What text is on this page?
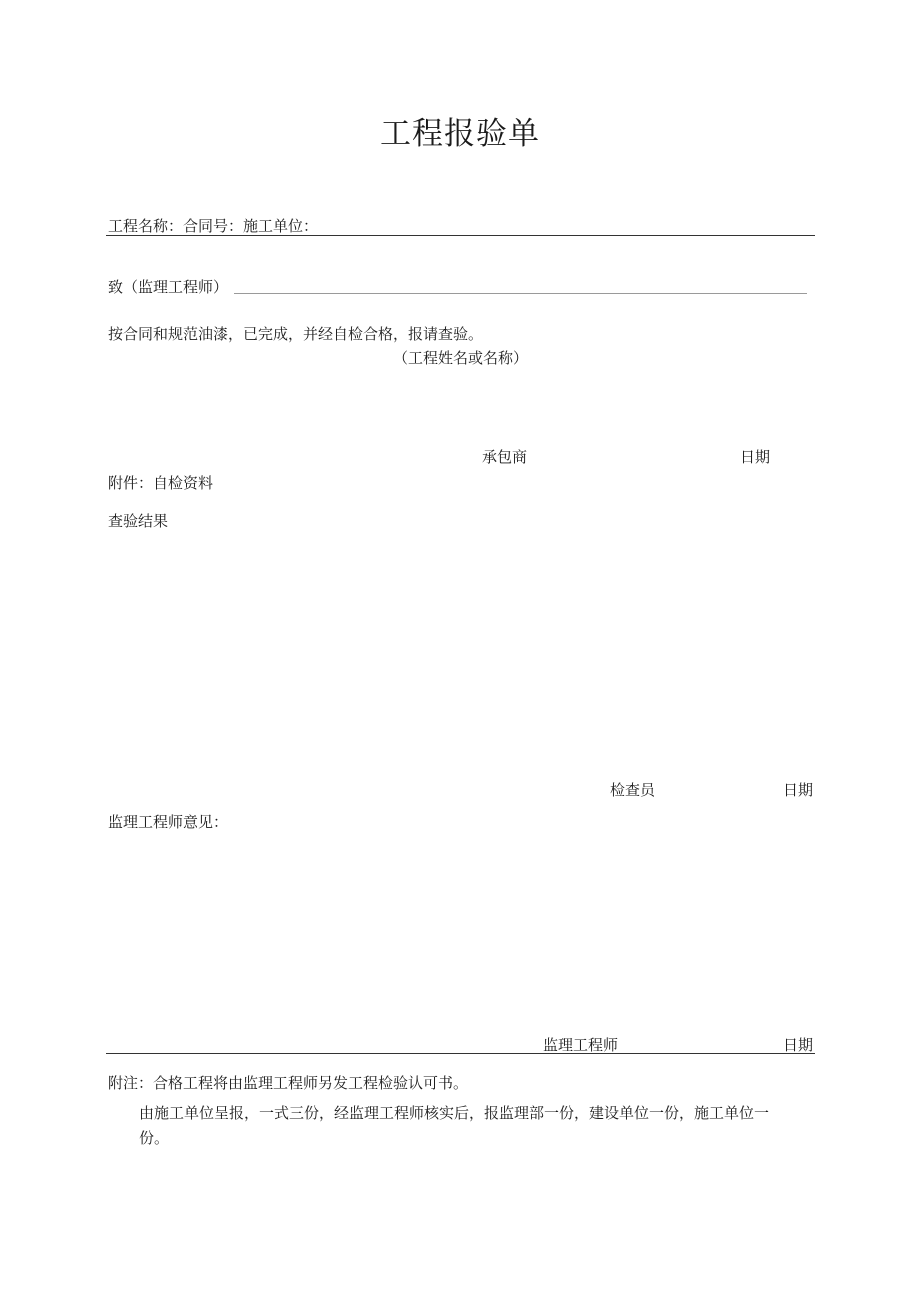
工程报验单
工程名称：合同号：施工单位：
致（监理工程师）
按合同和规范油漆，已完成，并经自检合格，报请查验。
（工程姓名或名称）
承包商	日期
附件：自检资料
查验结果
检查员	日期
监理工程师意见：
监理工程师	日期
附注：合格工程将由监理工程师另发工程检验认可书。
由施工单位呈报，一式三份，经监理工程师核实后，报监理部一份，建设单位一份，施工单位一
份。
